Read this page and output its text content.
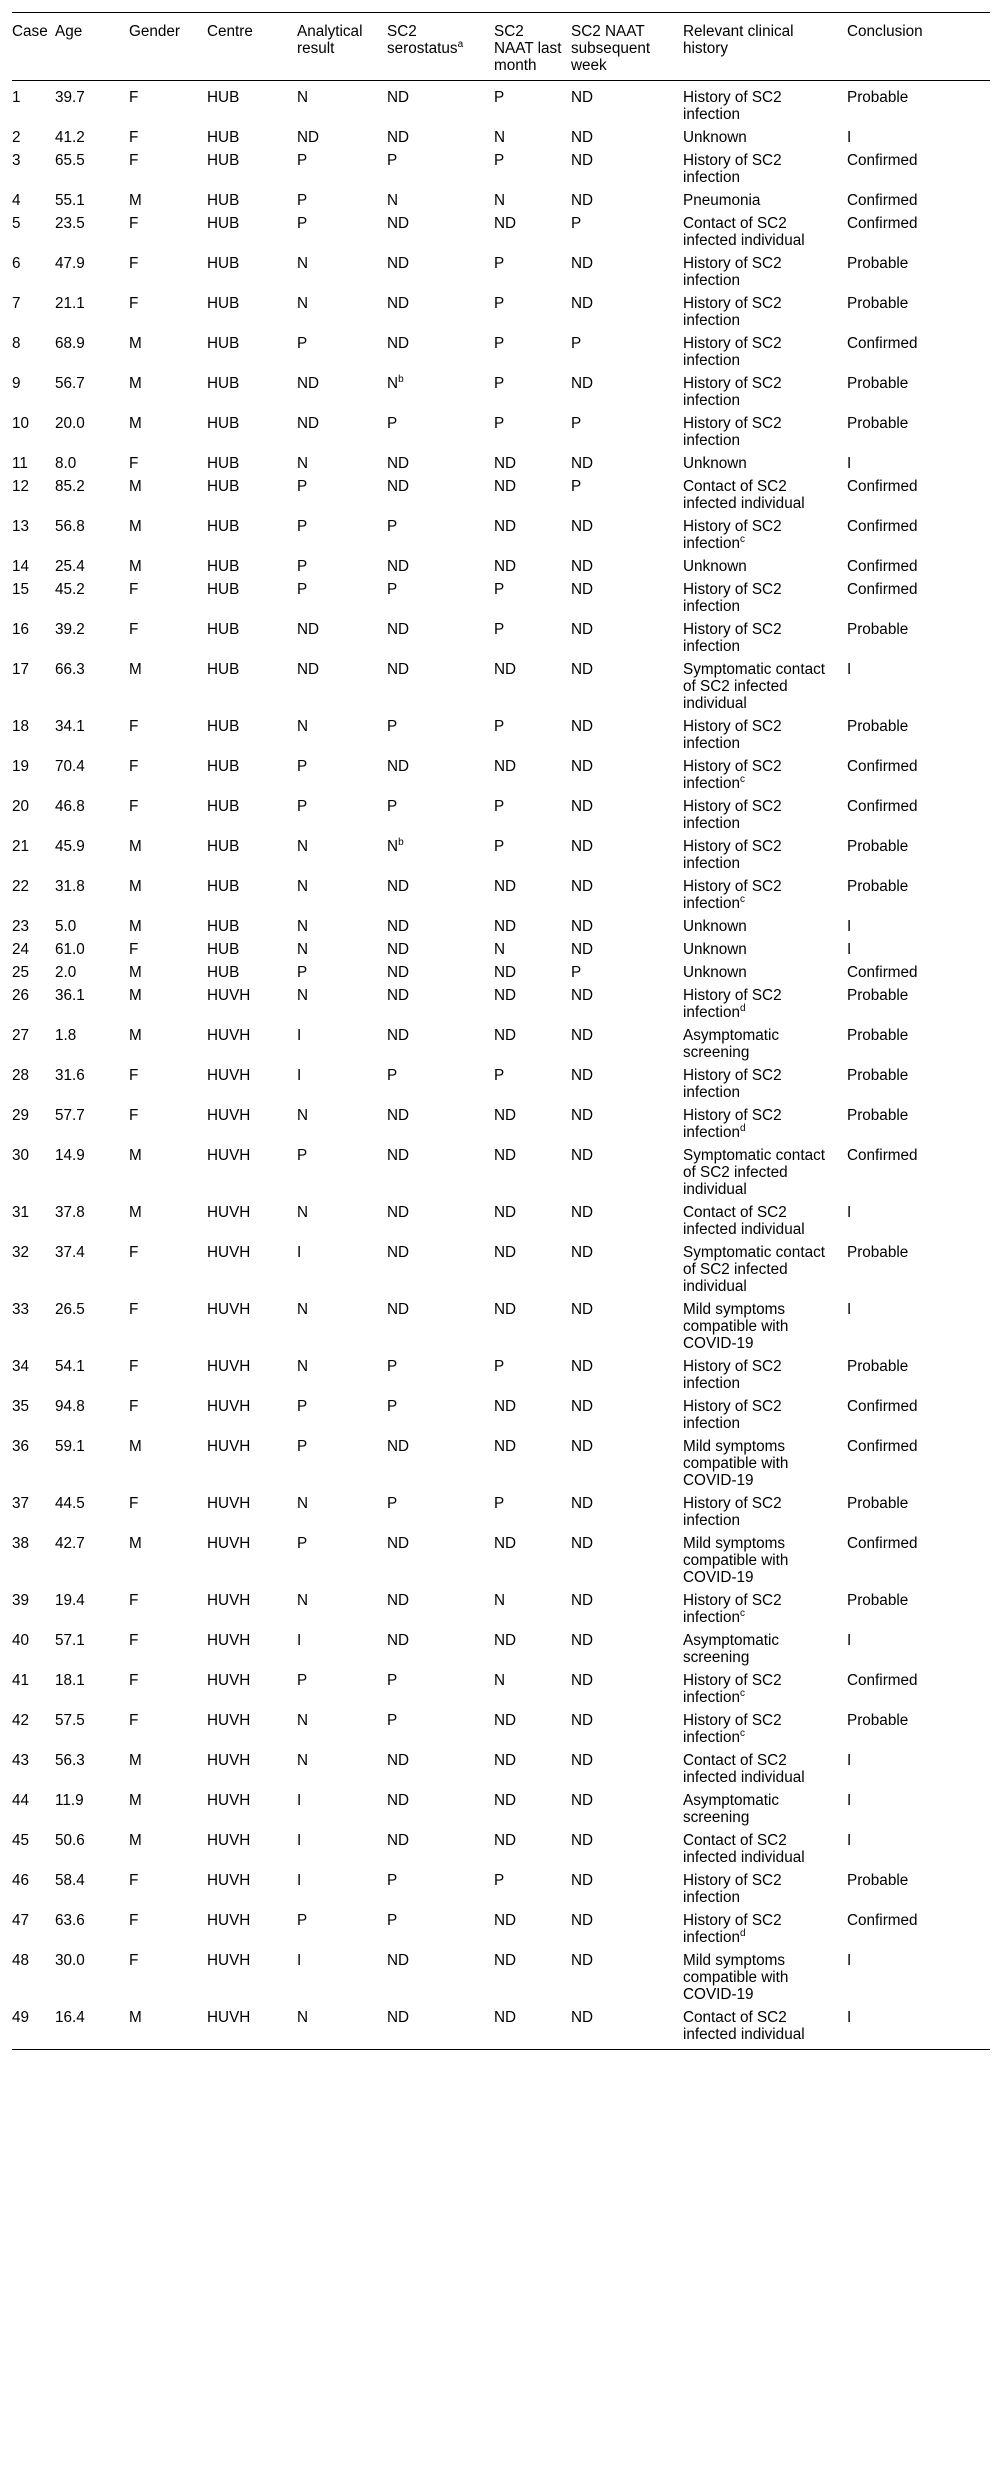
Case	Age	Gender	Centre	Analytical result	SC2 serostatus$^a$	SC2 NAAT last month	SC2 NAAT subsequent week	Relevant clinical history	Conclusion
1	39.7	F	HUB	N	ND	P	ND	History of SC2 infection	Probable
2	41.2	F	HUB	ND	ND	N	ND	Unknown	I
3	65.5	F	HUB	P	P	P	ND	History of SC2 infection	Confirmed
4	55.1	M	HUB	P	N	N	ND	Pneumonia	Confirmed
5	23.5	F	HUB	P	ND	ND	P	Contact of SC2 infected individual	Confirmed
6	47.9	F	HUB	N	ND	P	ND	History of SC2 infection	Probable
7	21.1	F	HUB	N	ND	P	ND	History of SC2 infection	Probable
8	68.9	M	HUB	P	ND	P	P	History of SC2 infection	Confirmed
9	56.7	M	HUB	ND	$N^b$	P	ND	History of SC2 infection	Probable
10	20.0	M	HUB	ND	P	P	P	History of SC2 infection	Probable
11	8.0	F	HUB	N	ND	ND	ND	Unknown	I
12	85.2	M	HUB	P	ND	ND	P	Contact of SC2 infected individual	Confirmed
13	56.8	M	HUB	P	P	ND	ND	History of SC2 infection$^c$	Confirmed
14	25.4	M	HUB	P	ND	ND	ND	Unknown	Confirmed
15	45.2	F	HUB	P	P	P	ND	History of SC2 infection	Confirmed
16	39.2	F	HUB	ND	ND	P	ND	History of SC2 infection	Probable
17	66.3	M	HUB	ND	ND	ND	ND	Symptomatic contact of SC2 infected individual	I
18	34.1	F	HUB	N	P	P	ND	History of SC2 infection	Probable
19	70.4	F	HUB	P	ND	ND	ND	History of SC2 infection$^c$	Confirmed
20	46.8	F	HUB	P	P	P	ND	History of SC2 infection	Confirmed
21	45.9	M	HUB	N	$N^b$	P	ND	History of SC2 infection	Probable
22	31.8	M	HUB	N	ND	ND	ND	History of SC2 infection$^c$	Probable
23	5.0	M	HUB	N	ND	ND	ND	Unknown	I
24	61.0	F	HUB	N	ND	N	ND	Unknown	I
25	2.0	M	HUB	P	ND	ND	P	Unknown	Confirmed
26	36.1	M	HUVH	N	ND	ND	ND	History of SC2 infection$^d$	Probable
27	1.8	M	HUVH	I	ND	ND	ND	Asymptomatic screening	Probable
28	31.6	F	HUVH	I	P	P	ND	History of SC2 infection	Probable
29	57.7	F	HUVH	N	ND	ND	ND	History of SC2 infection$^d$	Probable
30	14.9	M	HUVH	P	ND	ND	ND	Symptomatic contact of SC2 infected individual	Confirmed
31	37.8	M	HUVH	N	ND	ND	ND	Contact of SC2 infected individual	I
32	37.4	F	HUVH	I	ND	ND	ND	Symptomatic contact of SC2 infected individual	Probable
33	26.5	F	HUVH	N	ND	ND	ND	Mild symptoms compatible with COVID-19	I
34	54.1	F	HUVH	N	P	P	ND	History of SC2 infection	Probable
35	94.8	F	HUVH	P	P	ND	ND	History of SC2 infection	Confirmed
36	59.1	M	HUVH	P	ND	ND	ND	Mild symptoms compatible with COVID-19	Confirmed
37	44.5	F	HUVH	N	P	P	ND	History of SC2 infection	Probable
38	42.7	M	HUVH	P	ND	ND	ND	Mild symptoms compatible with COVID-19	Confirmed
39	19.4	F	HUVH	N	ND	N	ND	History of SC2 infection$^c$	Probable
40	57.1	F	HUVH	I	ND	ND	ND	Asymptomatic screening	I
41	18.1	F	HUVH	P	P	N	ND	History of SC2 infection$^c$	Confirmed
42	57.5	F	HUVH	N	P	ND	ND	History of SC2 infection$^c$	Probable
43	56.3	M	HUVH	N	ND	ND	ND	Contact of SC2 infected individual	I
44	11.9	M	HUVH	I	ND	ND	ND	Asymptomatic screening	I
45	50.6	M	HUVH	I	ND	ND	ND	Contact of SC2 infected individual	I
46	58.4	F	HUVH	I	P	P	ND	History of SC2 infection	Probable
47	63.6	F	HUVH	P	P	ND	ND	History of SC2 infection$^d$	Confirmed
48	30.0	F	HUVH	I	ND	ND	ND	Mild symptoms compatible with COVID-19	I
49	16.4	M	HUVH	N	ND	ND	ND	Contact of SC2 infected individual	I
